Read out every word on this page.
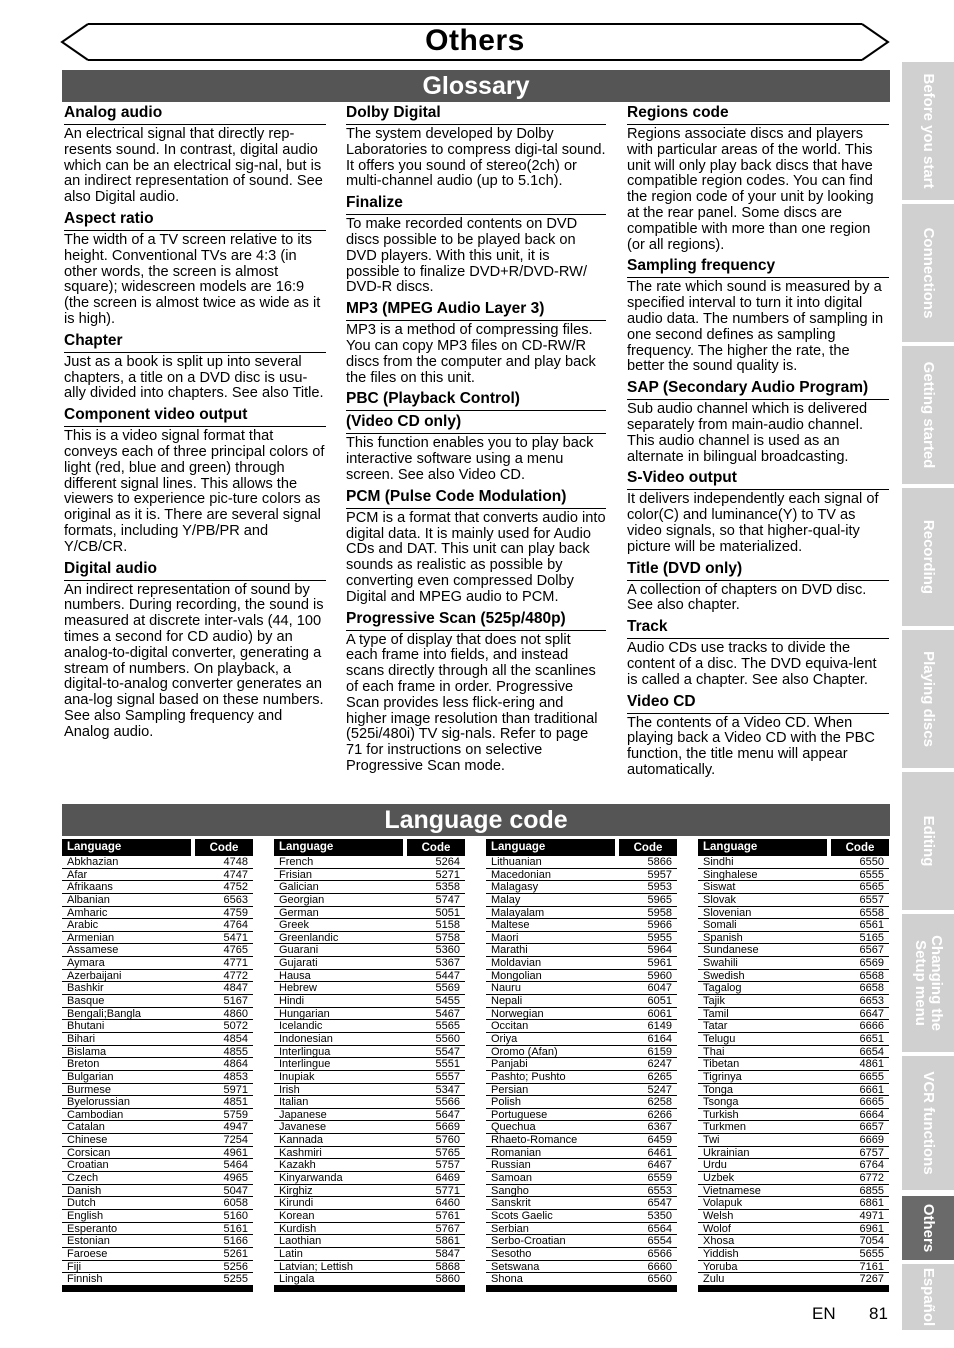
Others
Glossary
Analog audio
An electrical signal that directly rep-resents sound. In contrast, digital audio which can be an electrical sig-nal, but is an indirect representation of sound. See also Digital audio.
Aspect ratio
The width of a TV screen relative to its height. Conventional TVs are 4:3 (in other words, the screen is almost square); widescreen models are 16:9 (the screen is almost twice as wide as it is high).
Chapter
Just as a book is split up into several chapters, a title on a DVD disc is usu-ally divided into chapters. See also Title.
Component video output
This is a video signal format that conveys each of three principal colors of light (red, blue and green) through different signal lines. This allows the viewers to experience pic-ture colors as original as it is. There are several signal formats, including Y/PB/PR and Y/CB/CR.
Digital audio
An indirect representation of sound by numbers. During recording, the sound is measured at discrete inter-vals (44, 100 times a second for CD audio) by an analog-to-digital converter, generating a stream of numbers. On playback, a digital-to-analog converter generates an ana-log signal based on these numbers. See also Sampling frequency and Analog audio.
Dolby Digital
The system developed by Dolby Laboratories to compress digi-tal sound. It offers you sound of stereo(2ch) or multi-channel audio (up to 5.1ch).
Finalize
To make recorded contents on DVD discs possible to be played back on DVD players. With this unit, it is possible to finalize DVD+R/DVD-RW/ DVD-R discs.
MP3 (MPEG Audio Layer 3)
MP3 is a method of compressing files. You can copy MP3 files on CD-RW/R discs from the computer and play back the files on this unit.
PBC (Playback Control)
(Video CD only)
This function enables you to play back interactive software using a menu screen. See also Video CD.
PCM (Pulse Code Modulation)
PCM is a format that converts audio into digital data. It is mainly used for Audio CDs and DAT. This unit can play back sounds as realistic as possible by converting even compressed Dolby Digital and MPEG audio to PCM.
Progressive Scan (525p/480p)
A type of display that does not split each frame into fields, and instead scans directly through all the scanlines of each frame in order. Progressive Scan provides less flick-ering and higher image resolution than traditional (525i/480i) TV sig-nals. Refer to page 71 for instructions on selective Progressive Scan mode.
Regions code
Regions associate discs and players with particular areas of the world. This unit will only play back discs that have compatible region codes. You can find the region code of your unit by looking at the rear panel. Some discs are compatible with more than one region (or all regions).
Sampling frequency
The rate which sound is measured by a specified interval to turn it into digital audio data. The numbers of sampling in one second defines as sampling frequency. The higher the rate, the better the sound quality is.
SAP (Secondary Audio Program)
Sub audio channel which is delivered separately from main-audio channel. This audio channel is used as an alternate in bilingual broadcasting.
S-Video output
It delivers independently each signal of color(C) and luminance(Y) to TV as video signals, so that higher-qual-ity picture will be materialized.
Title (DVD only)
A collection of chapters on DVD disc. See also chapter.
Track
Audio CDs use tracks to divide the content of a disc. The DVD equiva-lent is called a chapter. See also Chapter.
Video CD
The contents of a Video CD. When playing back a Video CD with the PBC function, the title menu will appear automatically.
Language code
Language	Code
Abkhazian	4748
Afar	4747
Afrikaans	4752
Albanian	6563
Amharic	4759
Arabic	4764
Armenian	5471
Assamese	4765
Aymara	4771
Azerbaijani	4772
Bashkir	4847
Basque	5167
Bengali;Bangla	4860
Bhutani	5072
Bihari	4854
Bislama	4855
Breton	4864
Bulgarian	4853
Burmese	5971
Byelorussian	4851
Cambodian	5759
Catalan	4947
Chinese	7254
Corsican	4961
Croatian	5464
Czech	4965
Danish	5047
Dutch	6058
English	5160
Esperanto	5161
Estonian	5166
Faroese	5261
Fiji	5256
Finnish	5255
Language	Code
French	5264
Frisian	5271
Galician	5358
Georgian	5747
German	5051
Greek	5158
Greenlandic	5758
Guarani	5360
Gujarati	5367
Hausa	5447
Hebrew	5569
Hindi	5455
Hungarian	5467
Icelandic	5565
Indonesian	5560
Interlingua	5547
Interlingue	5551
Inupiak	5557
Irish	5347
Italian	5566
Japanese	5647
Javanese	5669
Kannada	5760
Kashmiri	5765
Kazakh	5757
Kinyarwanda	6469
Kirghiz	5771
Kirundi	6460
Korean	5761
Kurdish	5767
Laothian	5861
Latin	5847
Latvian; Lettish	5868
Lingala	5860
Language	Code
Lithuanian	5866
Macedonian	5957
Malagasy	5953
Malay	5965
Malayalam	5958
Maltese	5966
Maori	5955
Marathi	5964
Moldavian	5961
Mongolian	5960
Nauru	6047
Nepali	6051
Norwegian	6061
Occitan	6149
Oriya	6164
Oromo (Afan)	6159
Panjabi	6247
Pashto; Pushto	6265
Persian	5247
Polish	6258
Portuguese	6266
Quechua	6367
Rhaeto-Romance	6459
Romanian	6461
Russian	6467
Samoan	6559
Sangho	6553
Sanskrit	6547
Scots Gaelic	5350
Serbian	6564
Serbo-Croatian	6554
Sesotho	6566
Setswana	6660
Shona	6560
Language	Code
Sindhi	6550
Singhalese	6555
Siswat	6565
Slovak	6557
Slovenian	6558
Somali	6561
Spanish	5165
Sundanese	6567
Swahili	6569
Swedish	6568
Tagalog	6658
Tajik	6653
Tamil	6647
Tatar	6666
Telugu	6651
Thai	6654
Tibetan	4861
Tigrinya	6655
Tonga	6661
Tsonga	6665
Turkish	6664
Turkmen	6657
Twi	6669
Ukrainian	6757
Urdu	6764
Uzbek	6772
Vietnamese	6855
Volapuk	6861
Welsh	4971
Wolof	6961
Xhosa	7054
Yiddish	5655
Yoruba	7161
Zulu	7267
Before you start
Connections
Getting started
Recording
Playing discs
Editing
Changing the
Setup menu
VCR functions
Others
Español
EN 81
